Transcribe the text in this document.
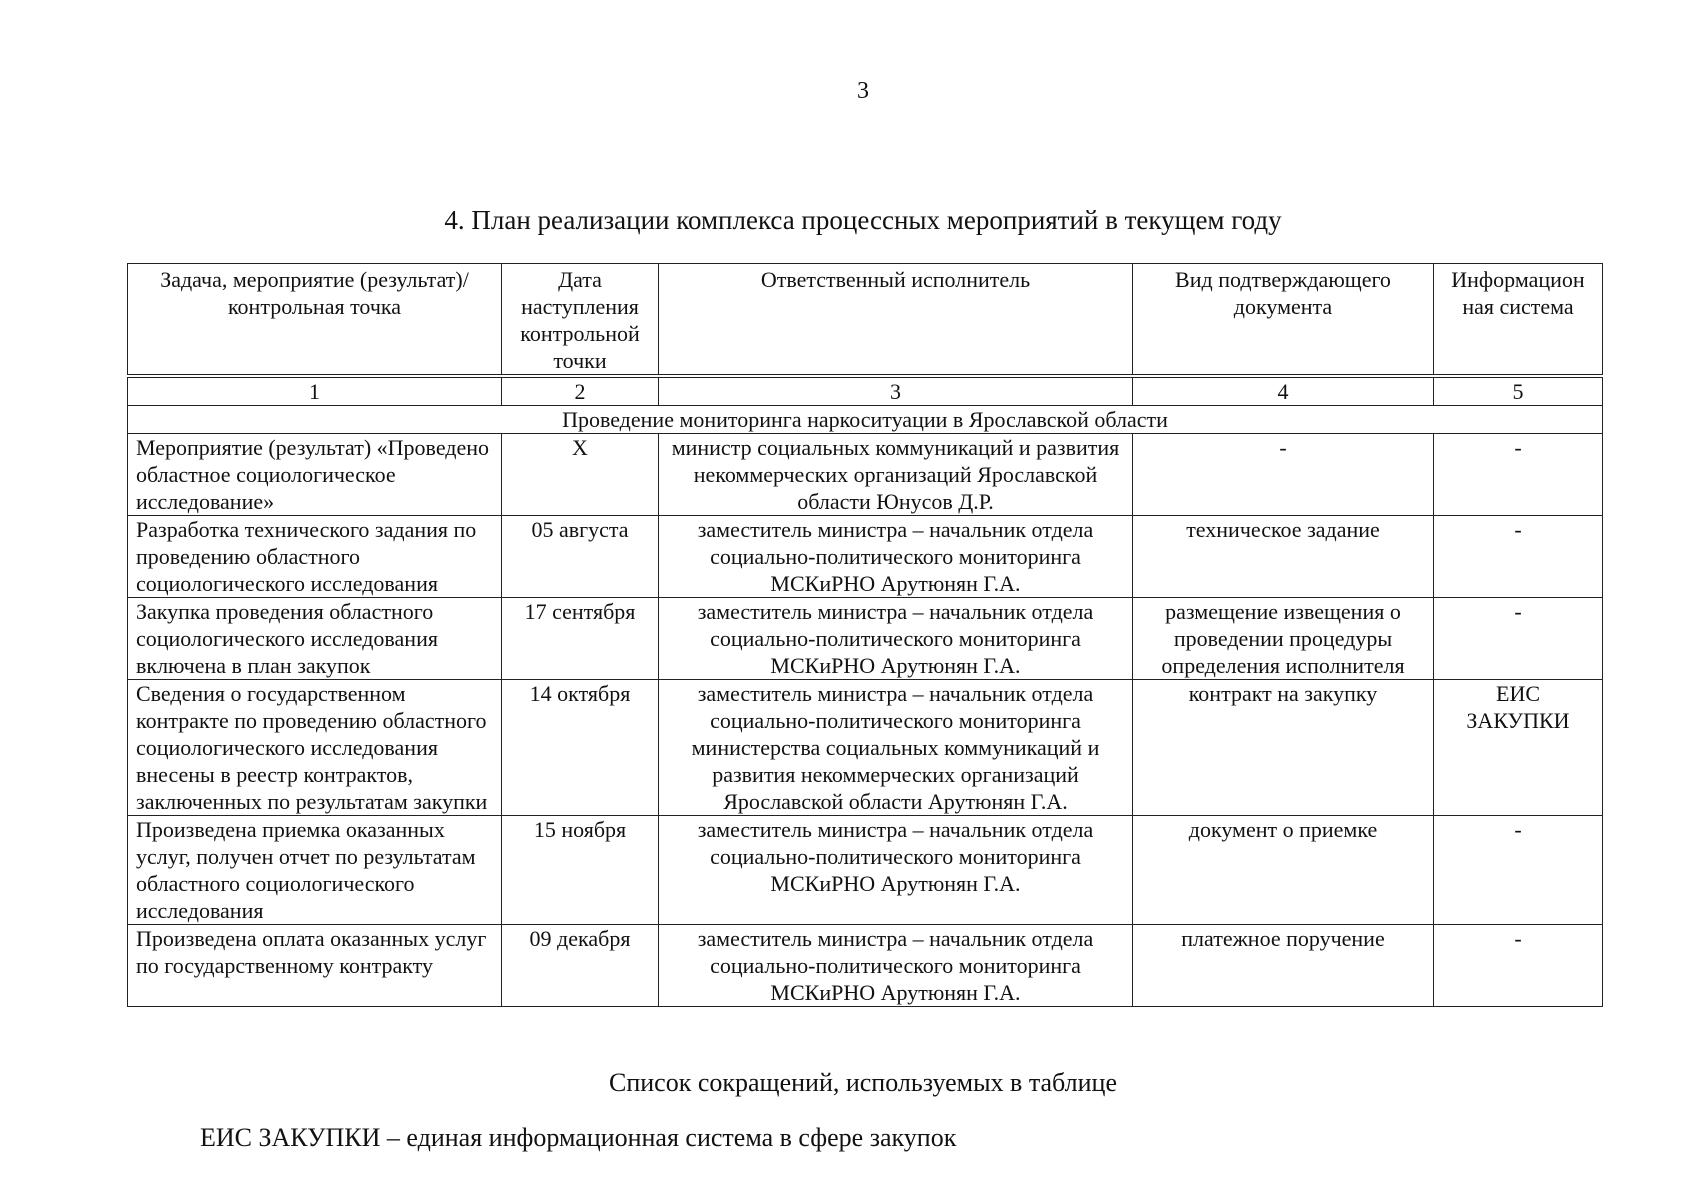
3
4. План реализации комплекса процессных мероприятий в текущем году
Задача, мероприятие (результат)/контрольная точка	Дата наступления контрольной точки	Ответственный исполнитель	Вид подтверждающего документа	Информацион ная система
1	2	3	4	5
Проведение мониторинга наркоситуации в Ярославской области				
Мероприятие (результат) «Проведено областное социологическое исследование»	Х	министр социальных коммуникаций и развития некоммерческих организаций Ярославской области Юнусов Д.Р.	-	-
Разработка технического задания по проведению областного социологического исследования	05 августа	заместитель министра – начальник отдела социально-политического мониторинга МСКиРНО Арутюнян Г.А.	техническое задание	-
Закупка проведения областного социологического исследования включена в план закупок	17 сентября	заместитель министра – начальник отдела социально-политического мониторинга МСКиРНО Арутюнян Г.А.	размещение извещения о проведении процедуры определения исполнителя	-
Сведения о государственном контракте по проведению областного социологического исследования внесены в реестр контрактов, заключенных по результатам закупки	14 октября	заместитель министра – начальник отдела социально-политического мониторинга министерства социальных коммуникаций и развития некоммерческих организаций Ярославской области Арутюнян Г.А.	контракт на закупку	ЕИС ЗАКУПКИ
Произведена приемка оказанных услуг, получен отчет по результатам областного социологического исследования	15 ноября	заместитель министра – начальник отдела социально-политического мониторинга МСКиРНО Арутюнян Г.А.	документ о приемке	-
Произведена оплата оказанных услуг по государственному контракту	09 декабря	заместитель министра – начальник отдела социально-политического мониторинга МСКиРНО Арутюнян Г.А.	платежное поручение	-
Список сокращений, используемых в таблице
ЕИС ЗАКУПКИ – единая информационная система в сфере закупок
